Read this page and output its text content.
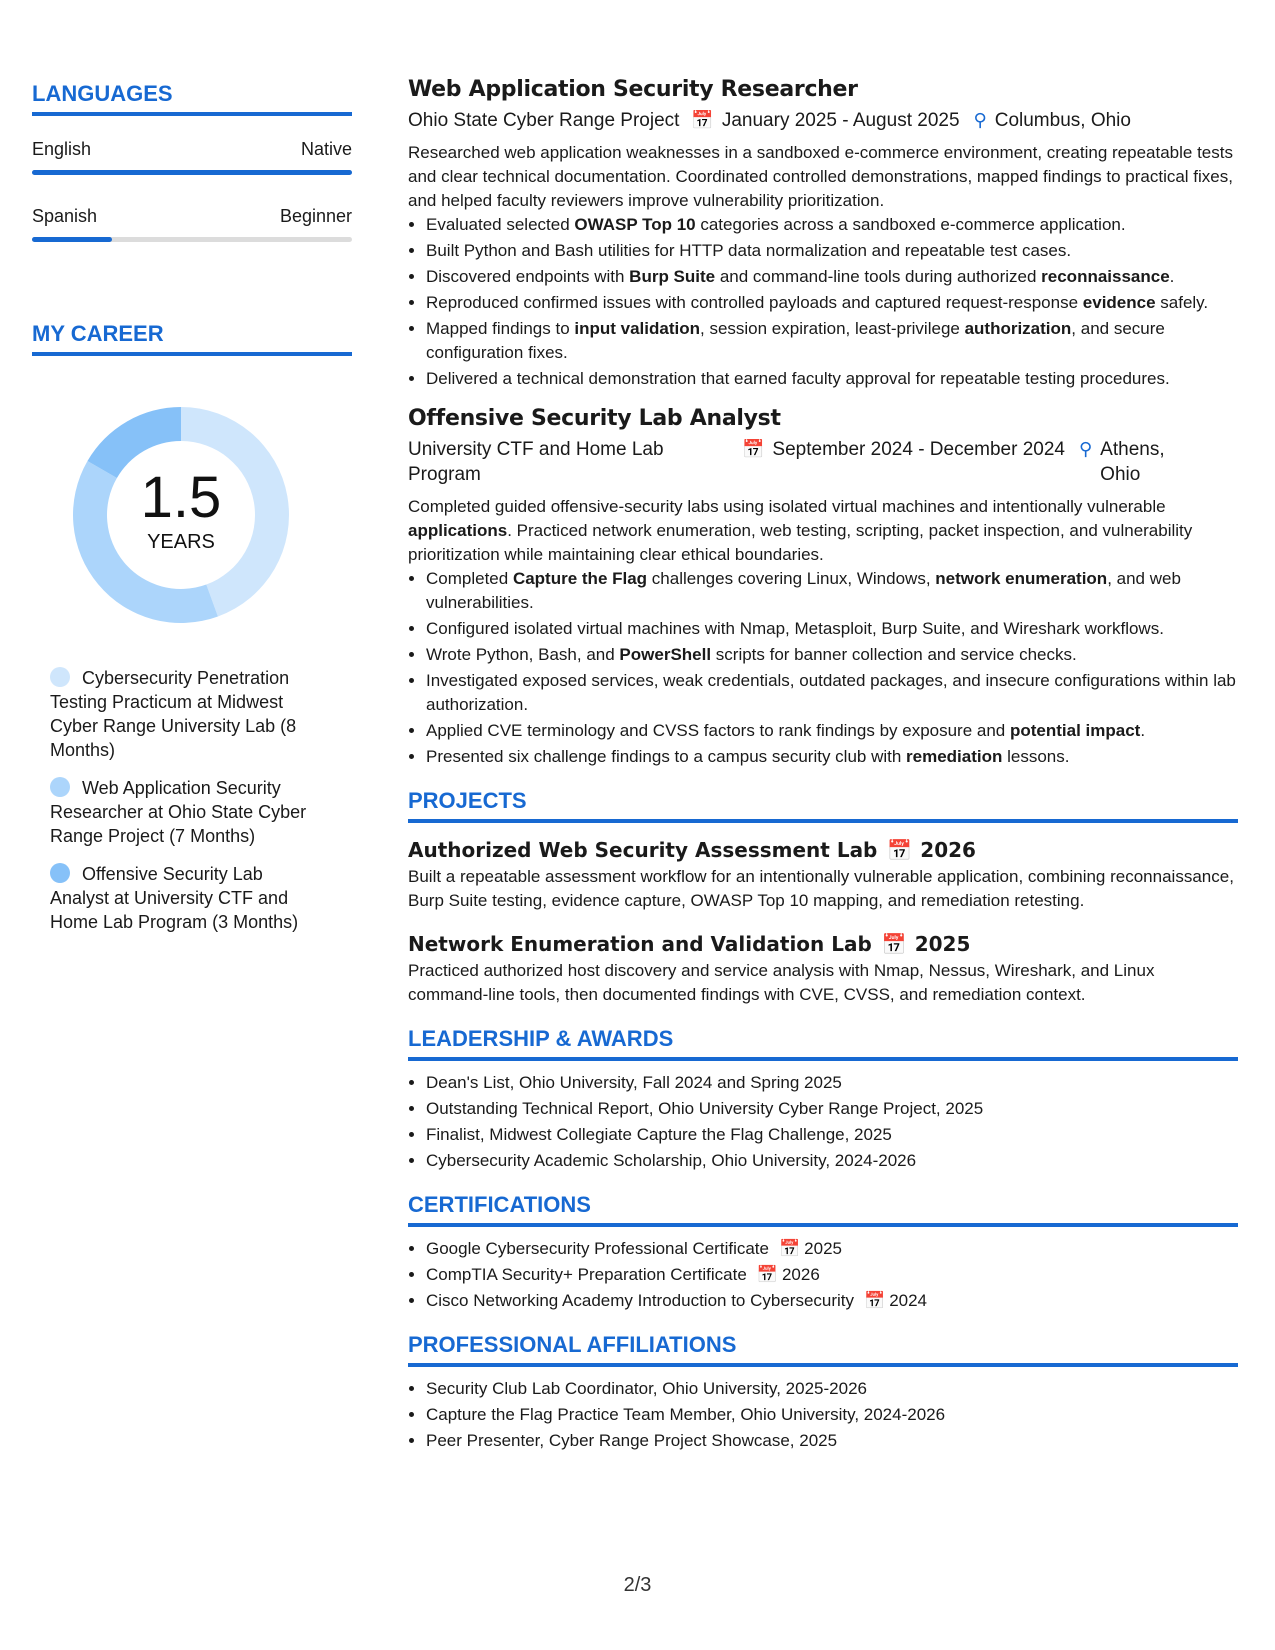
LANGUAGES
English	Native
Spanish	Beginner
MY CAREER
1.5
YEARS
Cybersecurity Penetration Testing Practicum at Midwest Cyber Range University Lab (8 Months)
Web Application Security Researcher at Ohio State Cyber Range Project (7 Months)
Offensive Security Lab Analyst at University CTF and Home Lab Program (3 Months)
Web Application Security Researcher
Ohio State Cyber Range Project 📅 January 2025 - August 2025 ⚲ Columbus, Ohio

Researched web application weaknesses in a sandboxed e-commerce environment, creating repeatable tests and clear technical documentation. Coordinated controlled demonstrations, mapped findings to practical fixes, and helped faculty reviewers improve vulnerability prioritization.

• Evaluated selected OWASP Top 10 categories across a sandboxed e-commerce application.
• Built Python and Bash utilities for HTTP data normalization and repeatable test cases.
• Discovered endpoints with Burp Suite and command-line tools during authorized reconnaissance.
• Reproduced confirmed issues with controlled payloads and captured request-response evidence safely.
• Mapped findings to input validation, session expiration, least-privilege authorization, and secure configuration fixes.
• Delivered a technical demonstration that earned faculty approval for repeatable testing procedures.
Offensive Security Lab Analyst
University CTF and Home Lab Program
📅 September 2024 - December 2024 ⚲ Athens, Ohio

Completed guided offensive-security labs using isolated virtual machines and intentionally vulnerable applications. Practiced network enumeration, web testing, scripting, packet inspection, and vulnerability prioritization while maintaining clear ethical boundaries.

• Completed Capture the Flag challenges covering Linux, Windows, network enumeration, and web vulnerabilities.
• Configured isolated virtual machines with Nmap, Metasploit, Burp Suite, and Wireshark workflows.
• Wrote Python, Bash, and PowerShell scripts for banner collection and service checks.
• Investigated exposed services, weak credentials, outdated packages, and insecure configurations within lab authorization.
• Applied CVE terminology and CVSS factors to rank findings by exposure and potential impact.
• Presented six challenge findings to a campus security club with remediation lessons.
PROJECTS
Authorized Web Security Assessment Lab 📅 2026
Built a repeatable assessment workflow for an intentionally vulnerable application, combining reconnaissance, Burp Suite testing, evidence capture, OWASP Top 10 mapping, and remediation retesting.
Network Enumeration and Validation Lab 📅 2025
Practiced authorized host discovery and service analysis with Nmap, Nessus, Wireshark, and Linux command-line tools, then documented findings with CVE, CVSS, and remediation context.
LEADERSHIP & AWARDS
• Dean's List, Ohio University, Fall 2024 and Spring 2025
• Outstanding Technical Report, Ohio University Cyber Range Project, 2025
• Finalist, Midwest Collegiate Capture the Flag Challenge, 2025
• Cybersecurity Academic Scholarship, Ohio University, 2024-2026
CERTIFICATIONS
• Google Cybersecurity Professional Certificate 📅 2025
• CompTIA Security+ Preparation Certificate 📅 2026
• Cisco Networking Academy Introduction to Cybersecurity 📅 2024
PROFESSIONAL AFFILIATIONS
• Security Club Lab Coordinator, Ohio University, 2025-2026
• Capture the Flag Practice Team Member, Ohio University, 2024-2026
• Peer Presenter, Cyber Range Project Showcase, 2025
2/3
